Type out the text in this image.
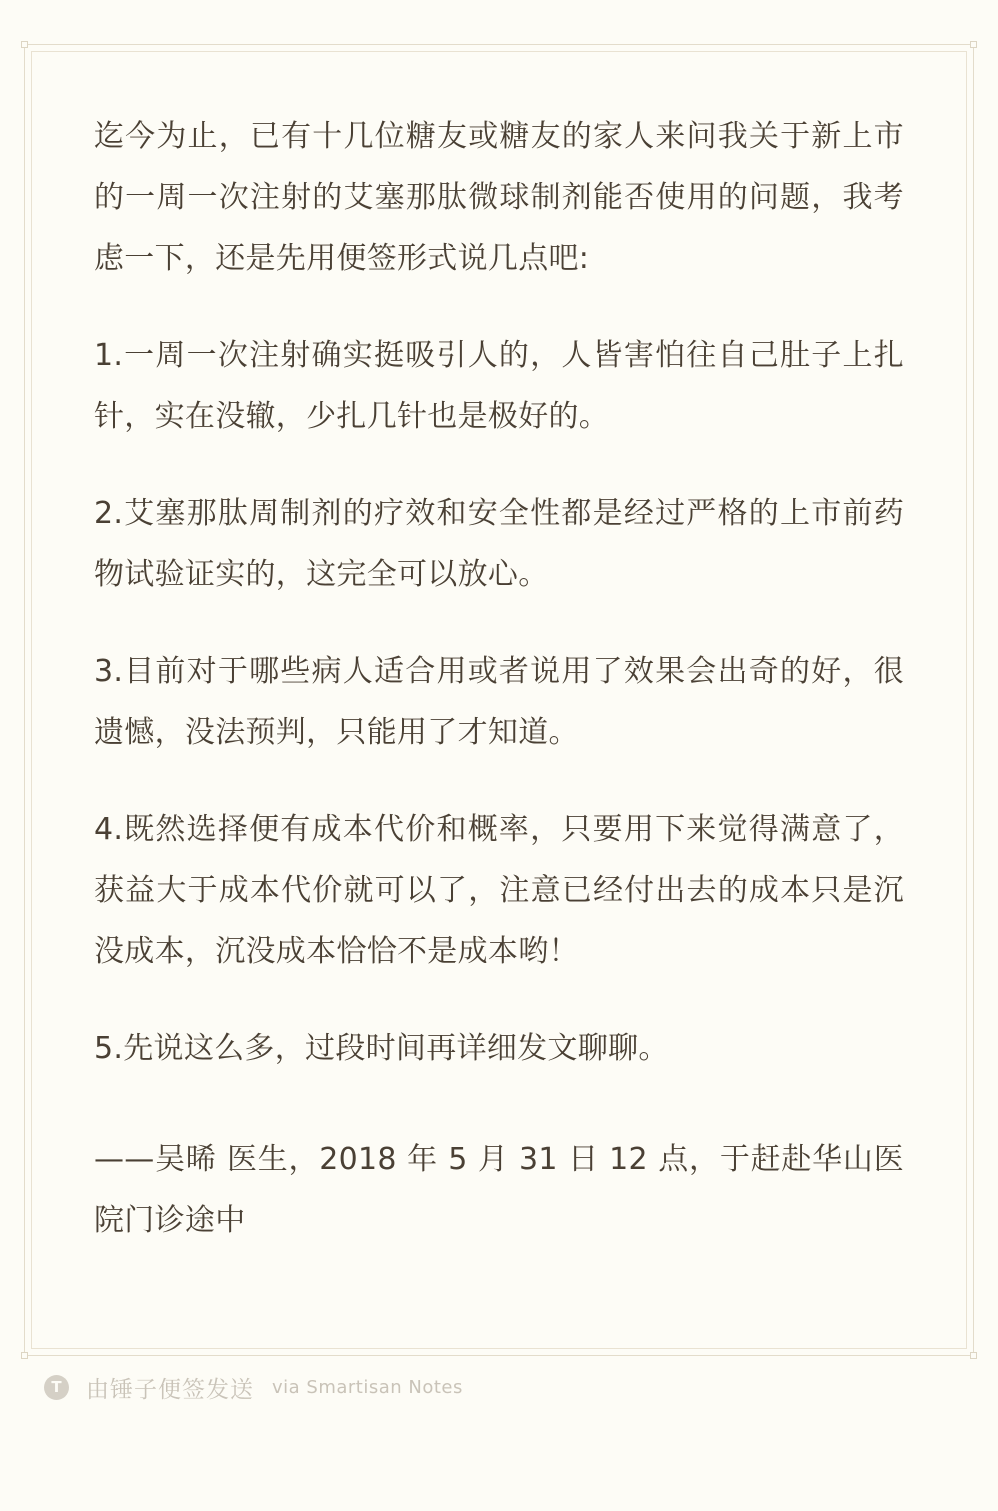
迄今为止，已有十几位糖友或糖友的家人来问我关于新上市的一周一次注射的艾塞那肽微球制剂能否使用的问题，我考虑一下，还是先用便签形式说几点吧:

1.一周一次注射确实挺吸引人的，人皆害怕往自己肚子上扎针，实在没辙，少扎几针也是极好的。

2.艾塞那肽周制剂的疗效和安全性都是经过严格的上市前药物试验证实的，这完全可以放心。

3.目前对于哪些病人适合用或者说用了效果会出奇的好，很遗憾，没法预判，只能用了才知道。

4.既然选择便有成本代价和概率，只要用下来觉得满意了，获益大于成本代价就可以了，注意已经付出去的成本只是沉没成本，沉没成本恰恰不是成本哟！

5.先说这么多，过段时间再详细发文聊聊。

——吴晞 医生，2018 年 5 月 31 日 12 点，于赶赴华山医院门诊途中

T	由锤子便签发送 via Smartisan Notes
